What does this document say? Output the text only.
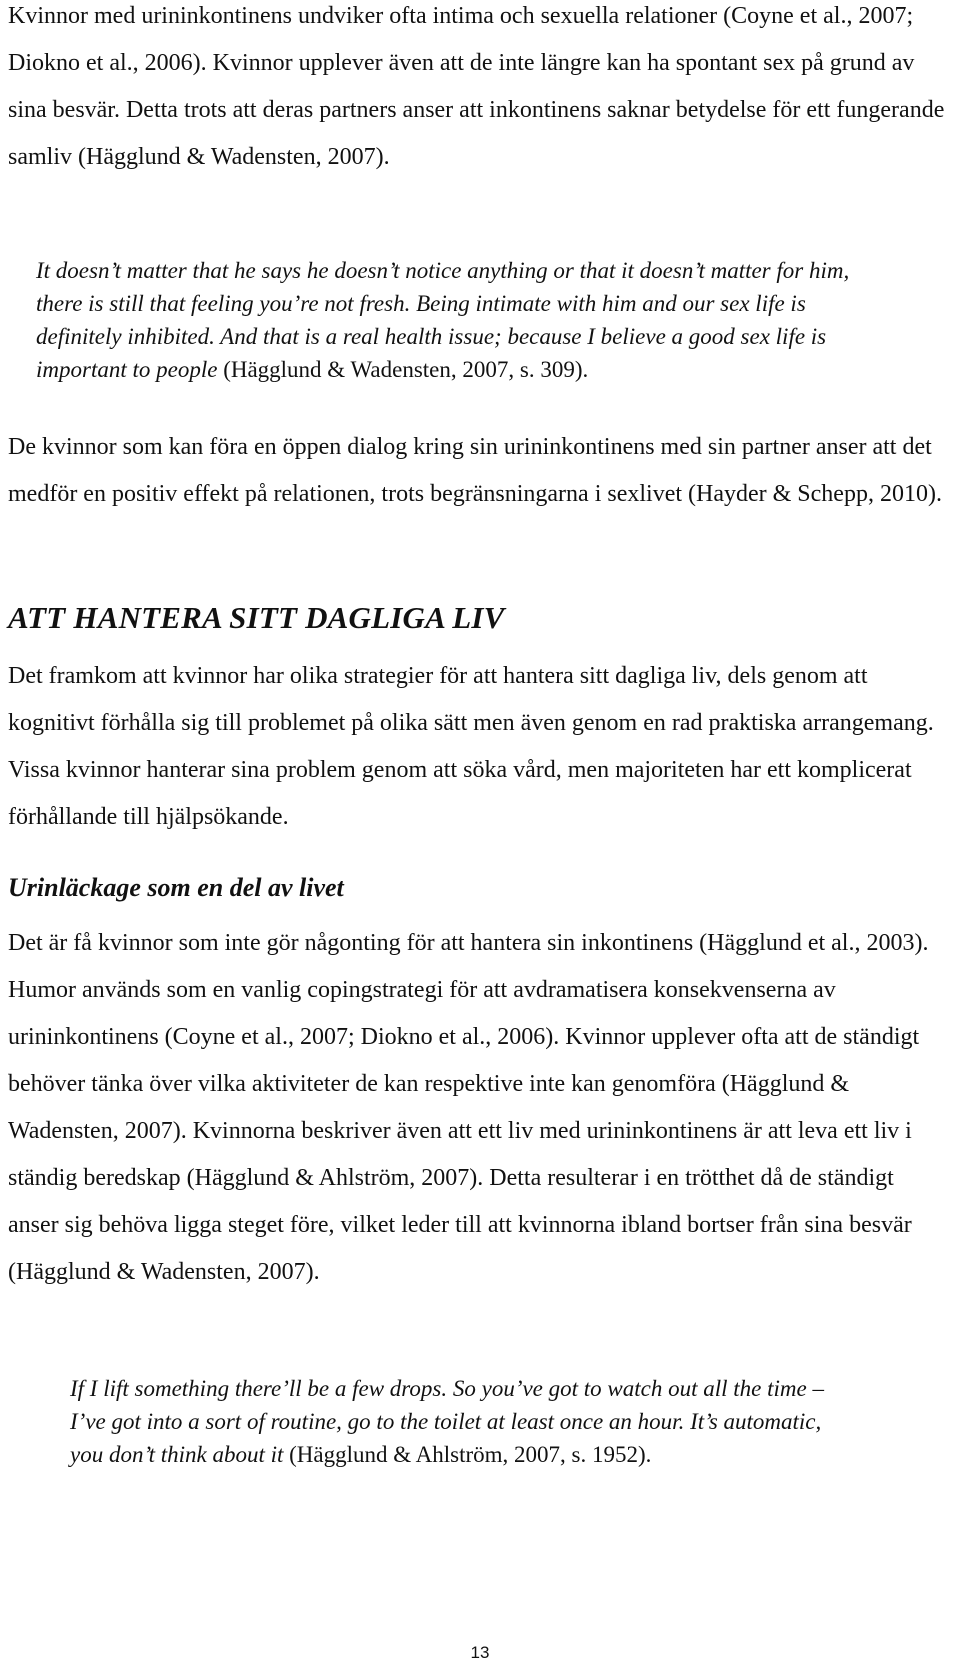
Kvinnor med urininkontinens undviker ofta intima och sexuella relationer (Coyne et al., 2007; Diokno et al., 2006). Kvinnor upplever även att de inte längre kan ha spontant sex på grund av sina besvär. Detta trots att deras partners anser att inkontinens saknar betydelse för ett fungerande samliv (Hägglund & Wadensten, 2007).

It doesn’t matter that he says he doesn’t notice anything or that it doesn’t matter for him, there is still that feeling you’re not fresh. Being intimate with him and our sex life is definitely inhibited. And that is a real health issue; because I believe a good sex life is important to people (Hägglund & Wadensten, 2007, s. 309).

De kvinnor som kan föra en öppen dialog kring sin urininkontinens med sin partner anser att det medför en positiv effekt på relationen, trots begränsningarna i sexlivet (Hayder & Schepp, 2010).

ATT HANTERA SITT DAGLIGA LIV

Det framkom att kvinnor har olika strategier för att hantera sitt dagliga liv, dels genom att kognitivt förhålla sig till problemet på olika sätt men även genom en rad praktiska arrangemang. Vissa kvinnor hanterar sina problem genom att söka vård, men majoriteten har ett komplicerat förhållande till hjälpsökande.

Urinläckage som en del av livet

Det är få kvinnor som inte gör någonting för att hantera sin inkontinens (Hägglund et al., 2003). Humor används som en vanlig copingstrategi för att avdramatisera konsekvenserna av urininkontinens (Coyne et al., 2007; Diokno et al., 2006). Kvinnor upplever ofta att de ständigt behöver tänka över vilka aktiviteter de kan respektive inte kan genomföra (Hägglund & Wadensten, 2007). Kvinnorna beskriver även att ett liv med urininkontinens är att leva ett liv i ständig beredskap (Hägglund & Ahlström, 2007). Detta resulterar i en trötthet då de ständigt anser sig behöva ligga steget före, vilket leder till att kvinnorna ibland bortser från sina besvär (Hägglund & Wadensten, 2007).

If I lift something there’ll be a few drops. So you’ve got to watch out all the time – I’ve got into a sort of routine, go to the toilet at least once an hour. It’s automatic, you don’t think about it (Hägglund & Ahlström, 2007, s. 1952).

13
